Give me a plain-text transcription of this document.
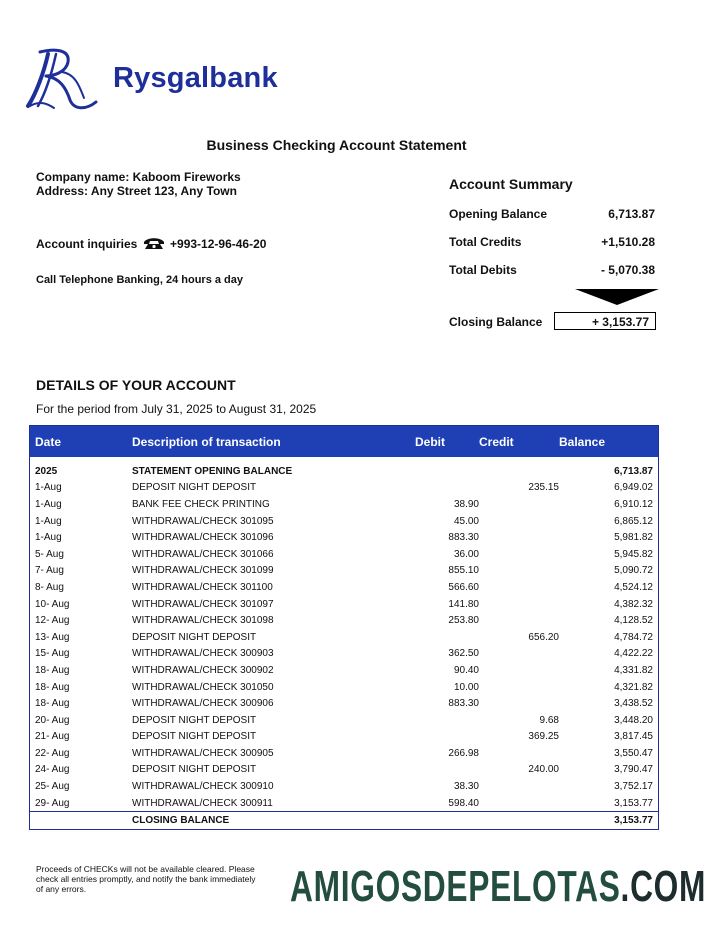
Rysgalbank
Business Checking Account Statement
Company name: Kaboom Fireworks
Address: Any Street 123, Any Town
Account inquiries	+993-12-96-46-20
Call Telephone Banking, 24 hours a day
Account Summary
Opening Balance	6,713.87
Total Credits	+1,510.28
Total Debits	- 5,070.38
Closing Balance	+ 3,153.77
DETAILS OF YOUR ACCOUNT
For the period from July 31, 2025 to August 31, 2025
Date	Description of transaction	Debit	Credit	Balance
2025	STATEMENT OPENING BALANCE			6,713.87
1-Aug	DEPOSIT NIGHT DEPOSIT		235.15	6,949.02
1-Aug	BANK FEE CHECK PRINTING	38.90		6,910.12
1-Aug	WITHDRAWAL/CHECK 301095	45.00		6,865.12
1-Aug	WITHDRAWAL/CHECK 301096	883.30		5,981.82
5- Aug	WITHDRAWAL/CHECK 301066	36.00		5,945.82
7- Aug	WITHDRAWAL/CHECK 301099	855.10		5,090.72
8- Aug	WITHDRAWAL/CHECK 301100	566.60		4,524.12
10- Aug	WITHDRAWAL/CHECK 301097	141.80		4,382.32
12- Aug	WITHDRAWAL/CHECK 301098	253.80		4,128.52
13- Aug	DEPOSIT NIGHT DEPOSIT		656.20	4,784.72
15- Aug	WITHDRAWAL/CHECK 300903	362.50		4,422.22
18- Aug	WITHDRAWAL/CHECK 300902	90.40		4,331.82
18- Aug	WITHDRAWAL/CHECK 301050	10.00		4,321.82
18- Aug	WITHDRAWAL/CHECK 300906	883.30		3,438.52
20- Aug	DEPOSIT NIGHT DEPOSIT		9.68	3,448.20
21- Aug	DEPOSIT NIGHT DEPOSIT		369.25	3,817.45
22- Aug	WITHDRAWAL/CHECK 300905	266.98		3,550.47
24- Aug	DEPOSIT NIGHT DEPOSIT		240.00	3,790.47
25- Aug	WITHDRAWAL/CHECK 300910	38.30		3,752.17
29- Aug	WITHDRAWAL/CHECK 300911	598.40		3,153.77
	CLOSING BALANCE			3,153.77
Proceeds of CHECKs will not be available cleared. Please check all entries promptly, and notify the bank immediately of any errors.	AMIGOSDEPELOTAS.COM
